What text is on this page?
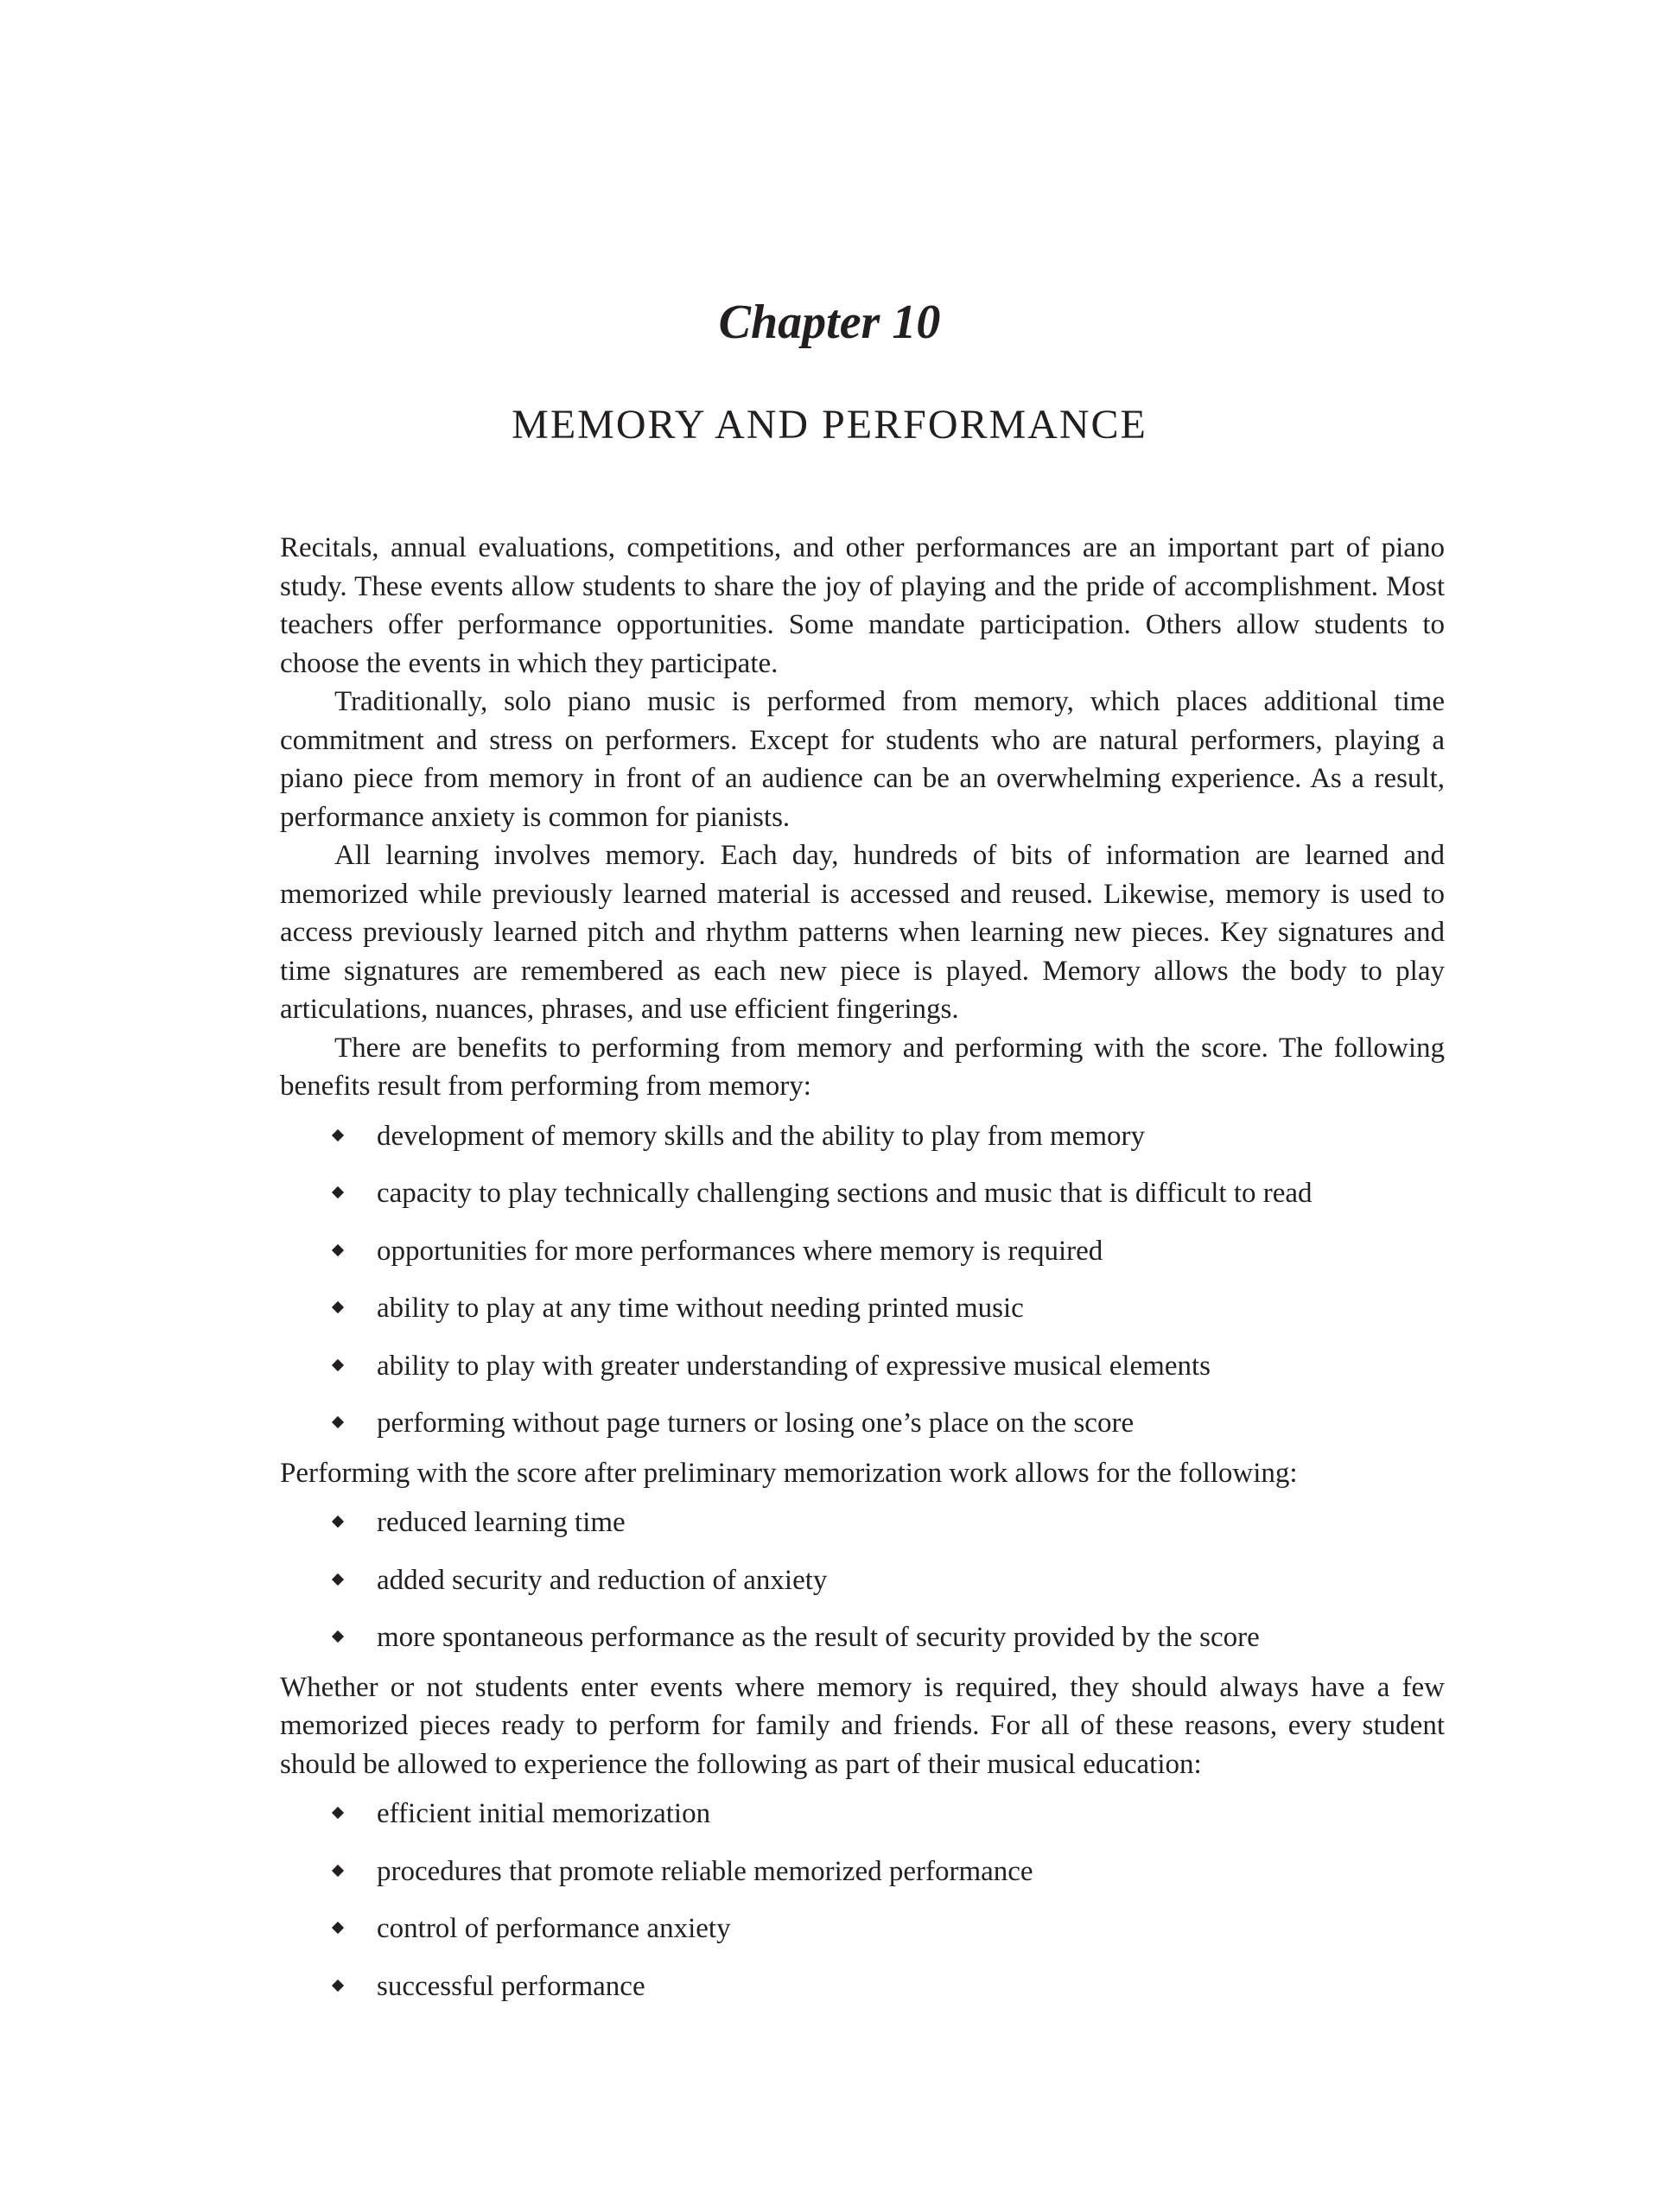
Chapter 10
MEMORY AND PERFORMANCE

Recitals, annual evaluations, competitions, and other performances are an important part of piano study. These events allow students to share the joy of playing and the pride of accomplishment. Most teachers offer performance opportunities. Some mandate participation. Others allow students to choose the events in which they participate.

Traditionally, solo piano music is performed from memory, which places additional time commitment and stress on performers. Except for students who are natural performers, playing a piano piece from memory in front of an audience can be an overwhelming experience. As a result, performance anxiety is common for pianists.

All learning involves memory. Each day, hundreds of bits of information are learned and memorized while previously learned material is accessed and reused. Likewise, memory is used to access previously learned pitch and rhythm patterns when learning new pieces. Key signatures and time signatures are remembered as each new piece is played. Memory allows the body to play articulations, nuances, phrases, and use efficient fingerings.

There are benefits to performing from memory and performing with the score. The following benefits result from performing from memory:

development of memory skills and the ability to play from memory
capacity to play technically challenging sections and music that is difficult to read
opportunities for more performances where memory is required
ability to play at any time without needing printed music
ability to play with greater understanding of expressive musical elements
performing without page turners or losing one’s place on the score

Performing with the score after preliminary memorization work allows for the following:

reduced learning time
added security and reduction of anxiety
more spontaneous performance as the result of security provided by the score

Whether or not students enter events where memory is required, they should always have a few memorized pieces ready to perform for family and friends. For all of these reasons, every student should be allowed to experience the following as part of their musical education:

efficient initial memorization
procedures that promote reliable memorized performance
control of performance anxiety
successful performance
